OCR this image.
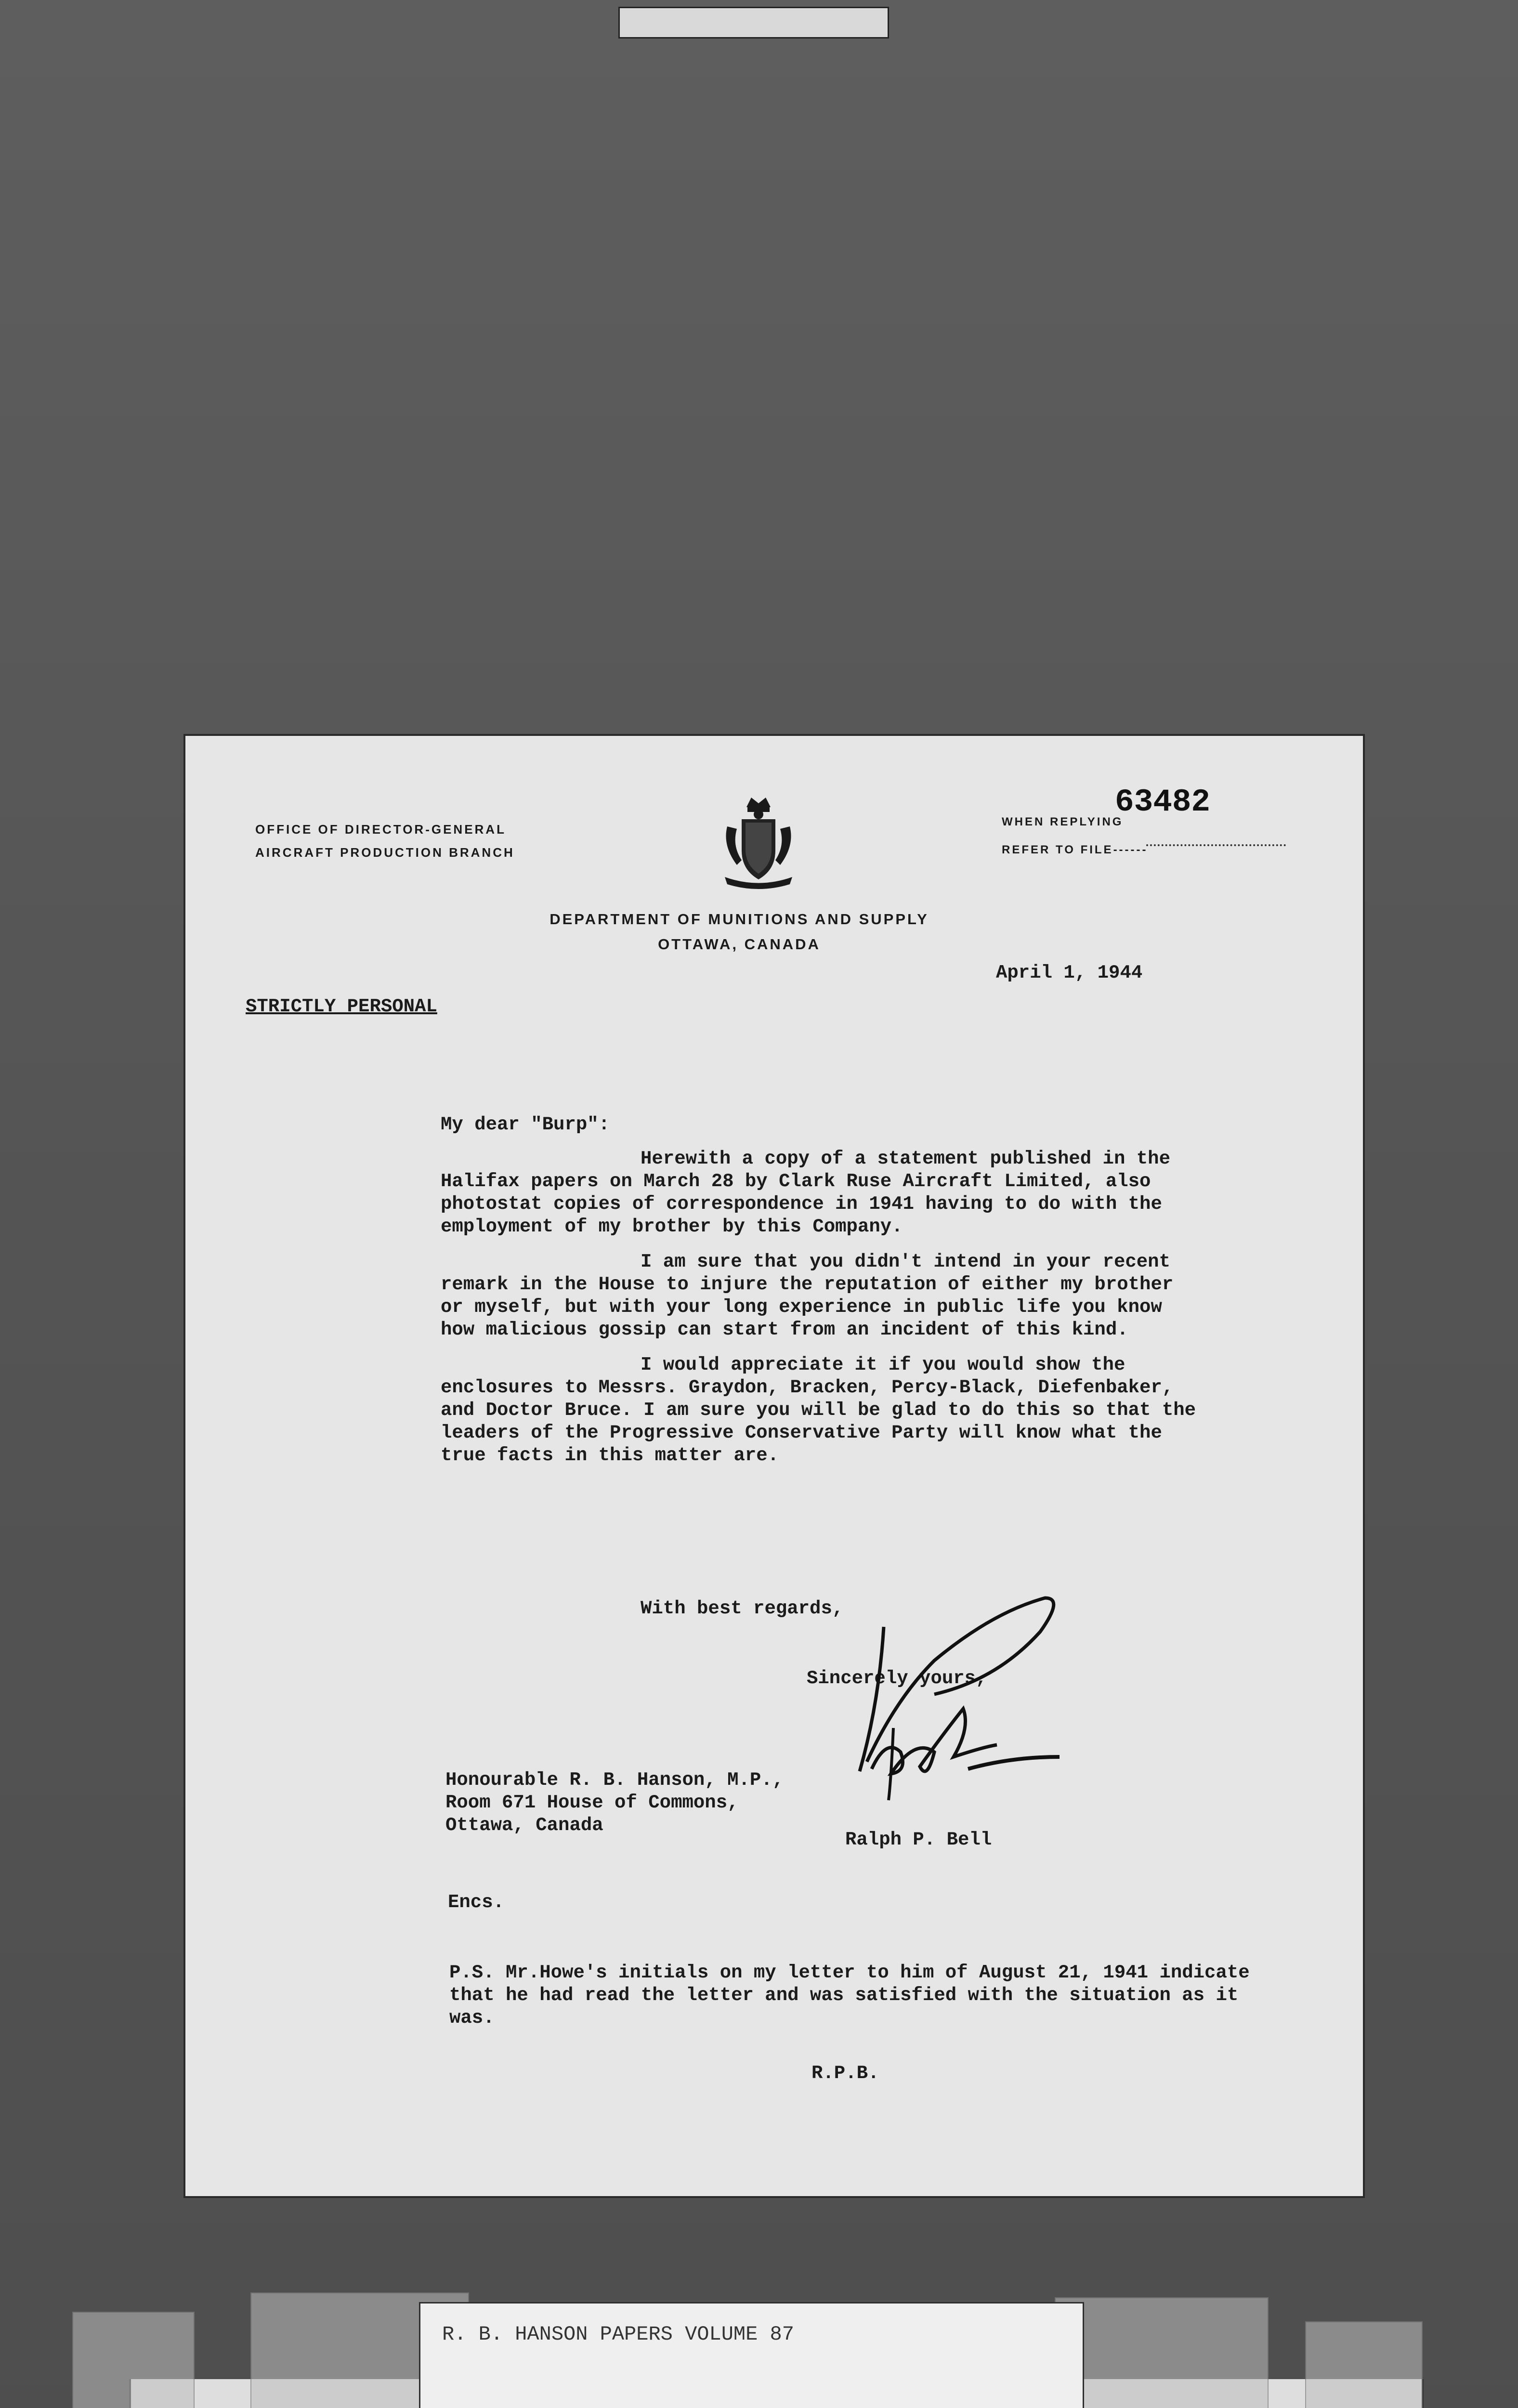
OFFICE OF DIRECTOR-GENERAL
AIRCRAFT PRODUCTION BRANCH
WHEN REPLYING
REFER TO FILE------
63482
DEPARTMENT OF MUNITIONS AND SUPPLY
OTTAWA, CANADA
April 1, 1944
STRICTLY PERSONAL
My dear "Burp":

Herewith a copy of a statement published in the Halifax papers on March 28 by Clark Ruse Aircraft Limited, also photostat copies of correspondence in 1941 having to do with the employment of my brother by this Company.

I am sure that you didn't intend in your recent remark in the House to injure the reputation of either my brother or myself, but with your long experience in public life you know how malicious gossip can start from an incident of this kind.

I would appreciate it if you would show the enclosures to Messrs. Graydon, Bracken, Percy-Black, Diefenbaker, and Doctor Bruce. I am sure you will be glad to do this so that the leaders of the Progressive Conservative Party will know what the true facts in this matter are.

With best regards,
Sincerely yours,
Honourable R. B. Hanson, M.P.,
Room 671 House of Commons,
Ottawa, Canada
Ralph P. Bell
Encs.
P.S. Mr.Howe's initials on my letter to him of August 21, 1941 indicate that he had read the letter and was satisfied with the situation as it was.
R.P.B.
R. B. HANSON PAPERS VOLUME 87
